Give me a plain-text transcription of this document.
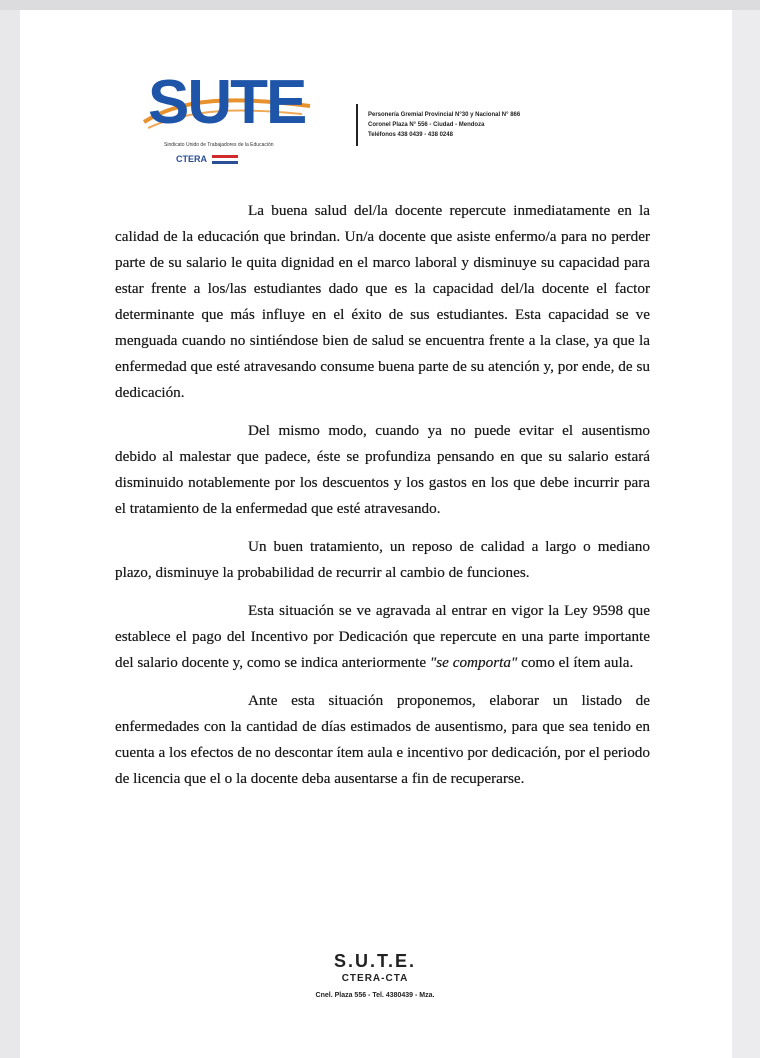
SUTE
Sindicato Unido de Trabajadores de la Educación
CTERA
Personería Gremial Provincial N°30 y Nacional N° 866
Coronel Plaza N° 556 - Ciudad - Mendoza
Teléfonos 438 0439 - 438 0248

La buena salud del/la docente repercute inmediatamente en la calidad de la educación que brindan. Un/a docente que asiste enfermo/a para no perder parte de su salario le quita dignidad en el marco laboral y disminuye su capacidad para estar frente a los/las estudiantes dado que es la capacidad del/la docente el factor determinante que más influye en el éxito de sus estudiantes. Esta capacidad se ve menguada cuando no sintiéndose bien de salud se encuentra frente a la clase, ya que la enfermedad que esté atravesando consume buena parte de su atención y, por ende, de su dedicación.

Del mismo modo, cuando ya no puede evitar el ausentismo debido al malestar que padece, éste se profundiza pensando en que su salario estará disminuido notablemente por los descuentos y los gastos en los que debe incurrir para el tratamiento de la enfermedad que esté atravesando.

Un buen tratamiento, un reposo de calidad a largo o mediano plazo, disminuye la probabilidad de recurrir al cambio de funciones.

Esta situación se ve agravada al entrar en vigor la Ley 9598 que establece el pago del Incentivo por Dedicación que repercute en una parte importante del salario docente y, como se indica anteriormente "se comporta" como el ítem aula.

Ante esta situación proponemos, elaborar un listado de enfermedades con la cantidad de días estimados de ausentismo, para que sea tenido en cuenta a los efectos de no descontar ítem aula e incentivo por dedicación, por el periodo de licencia que el o la docente deba ausentarse a fin de recuperarse.

S.U.T.E.
CTERA-CTA
Cnel. Plaza 556 - Tel. 4380439 - Mza.
